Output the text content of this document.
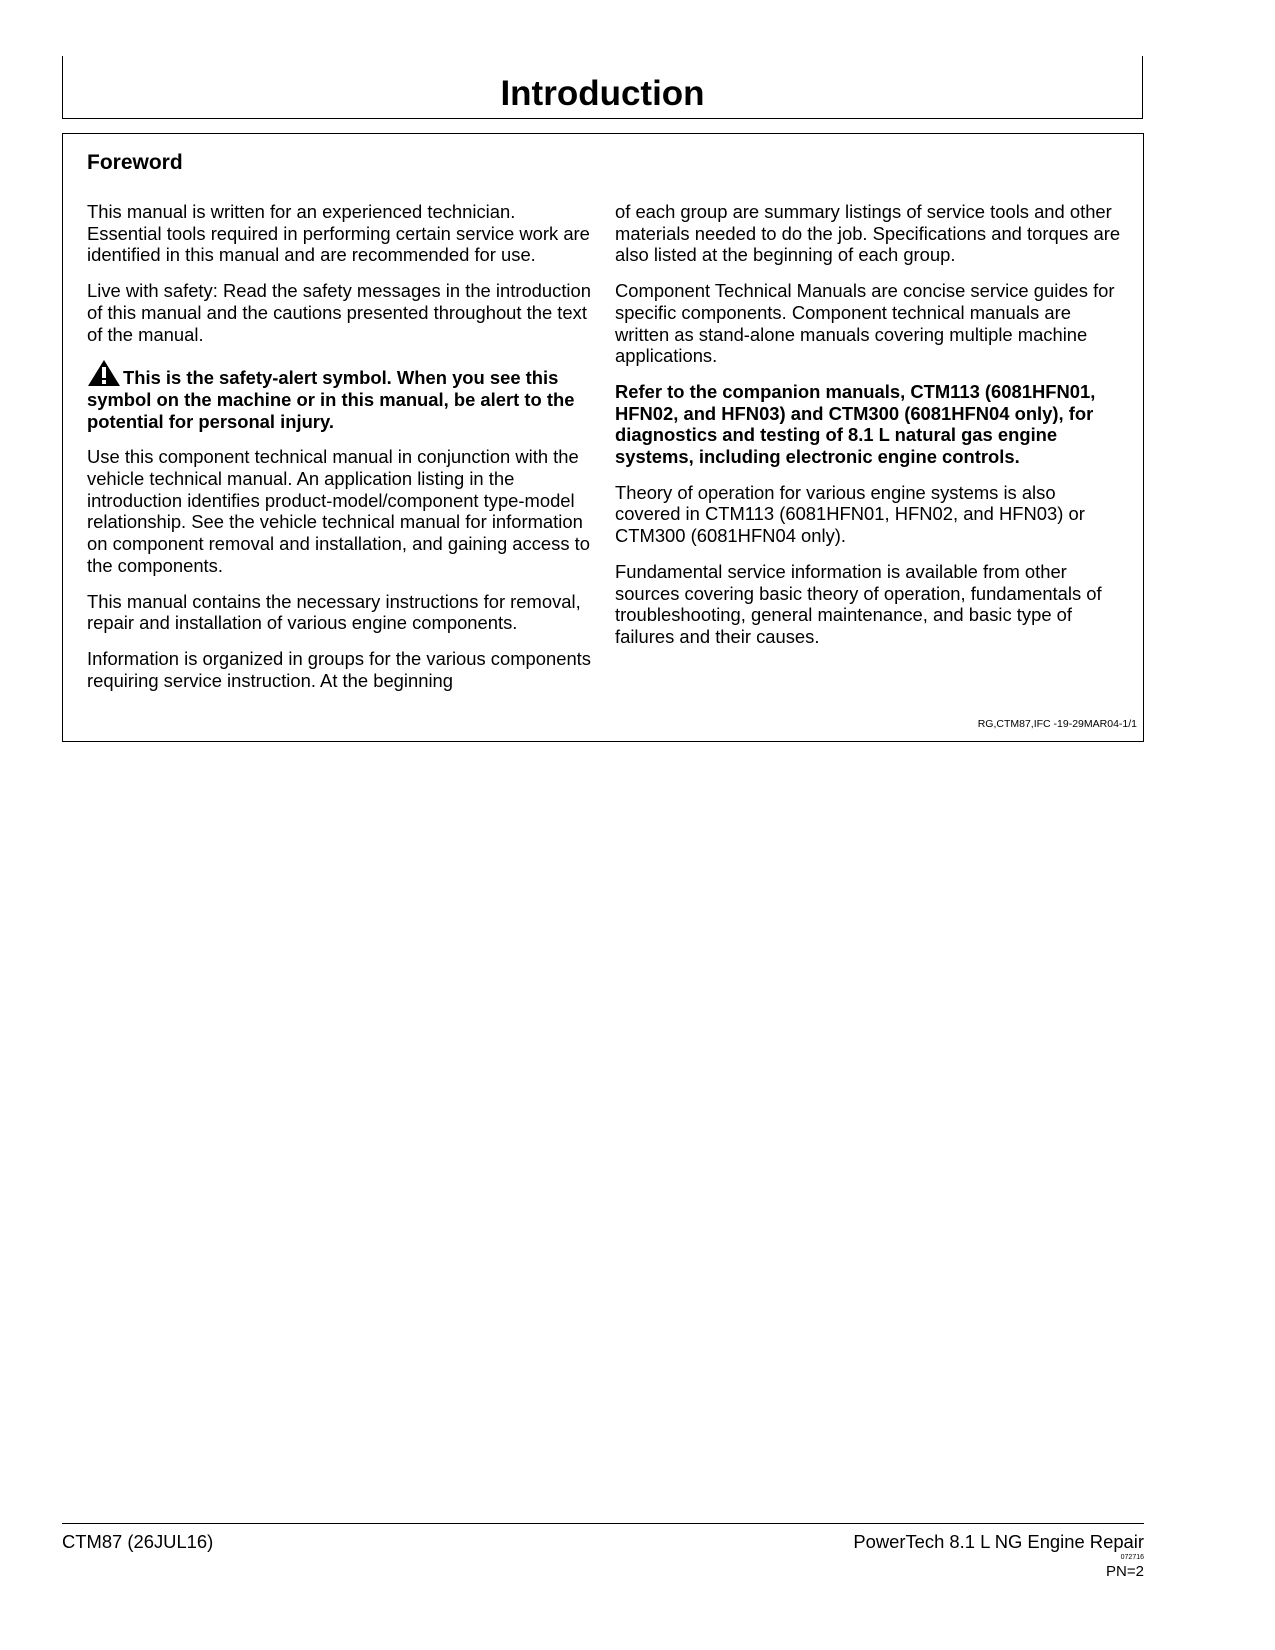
Introduction
Foreword

This manual is written for an experienced technician. Essential tools required in performing certain service work are identified in this manual and are recommended for use.

Live with safety: Read the safety messages in the introduction of this manual and the cautions presented throughout the text of the manual.

This is the safety-alert symbol. When you see this symbol on the machine or in this manual, be alert to the potential for personal injury.

Use this component technical manual in conjunction with the vehicle technical manual. An application listing in the introduction identifies product-model/component type-model relationship. See the vehicle technical manual for information on component removal and installation, and gaining access to the components.

This manual contains the necessary instructions for removal, repair and installation of various engine components.

Information is organized in groups for the various components requiring service instruction. At the beginning

of each group are summary listings of service tools and other materials needed to do the job. Specifications and torques are also listed at the beginning of each group.

Component Technical Manuals are concise service guides for specific components. Component technical manuals are written as stand-alone manuals covering multiple machine applications.

Refer to the companion manuals, CTM113 (6081HFN01, HFN02, and HFN03) and CTM300 (6081HFN04 only), for diagnostics and testing of 8.1 L natural gas engine systems, including electronic engine controls.

Theory of operation for various engine systems is also covered in CTM113 (6081HFN01, HFN02, and HFN03) or CTM300 (6081HFN04 only).

Fundamental service information is available from other sources covering basic theory of operation, fundamentals of troubleshooting, general maintenance, and basic type of failures and their causes.

RG,CTM87,IFC -19-29MAR04-1/1
CTM87 (26JUL16)	PowerTech 8.1 L NG Engine Repair
072716
PN=2
